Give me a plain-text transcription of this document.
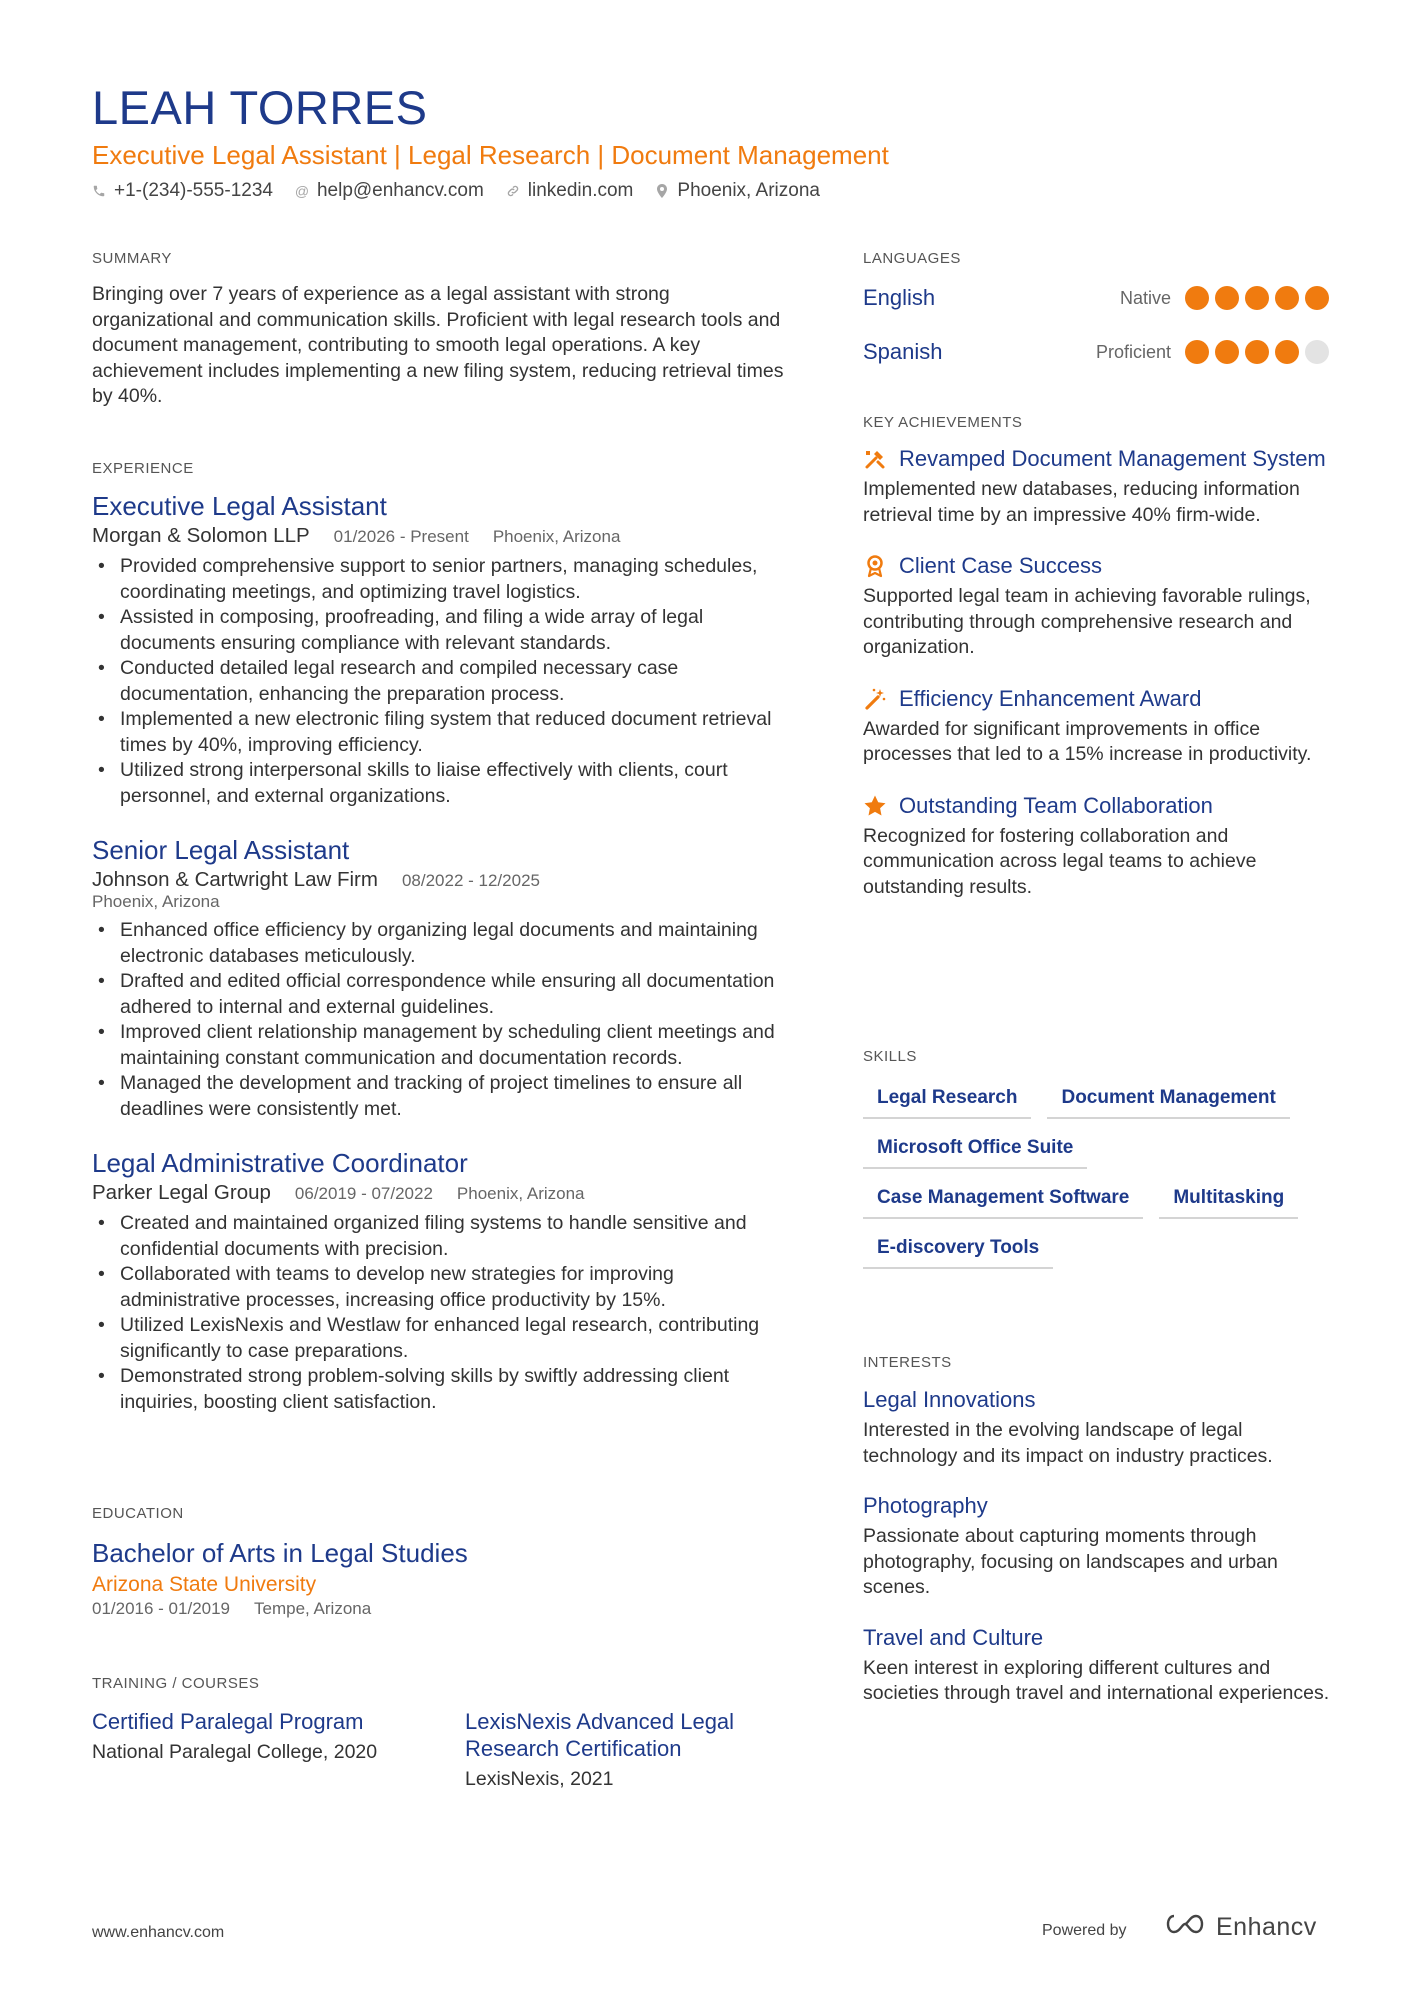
LEAH TORRES
Executive Legal Assistant | Legal Research | Document Management
+1-(234)-555-1234 @ help@enhancv.com linkedin.com Phoenix, Arizona
SUMMARY
Bringing over 7 years of experience as a legal assistant with strong organizational and communication skills. Proficient with legal research tools and document management, contributing to smooth legal operations. A key achievement includes implementing a new filing system, reducing retrieval times by 40%.
EXPERIENCE
Executive Legal Assistant
Morgan & Solomon LLP 01/2026 - Present Phoenix, Arizona
• Provided comprehensive support to senior partners, managing schedules, coordinating meetings, and optimizing travel logistics.
• Assisted in composing, proofreading, and filing a wide array of legal documents ensuring compliance with relevant standards.
• Conducted detailed legal research and compiled necessary case documentation, enhancing the preparation process.
• Implemented a new electronic filing system that reduced document retrieval times by 40%, improving efficiency.
• Utilized strong interpersonal skills to liaise effectively with clients, court personnel, and external organizations.
Senior Legal Assistant
Johnson & Cartwright Law Firm 08/2022 - 12/2025
Phoenix, Arizona
• Enhanced office efficiency by organizing legal documents and maintaining electronic databases meticulously.
• Drafted and edited official correspondence while ensuring all documentation adhered to internal and external guidelines.
• Improved client relationship management by scheduling client meetings and maintaining constant communication and documentation records.
• Managed the development and tracking of project timelines to ensure all deadlines were consistently met.
Legal Administrative Coordinator
Parker Legal Group 06/2019 - 07/2022 Phoenix, Arizona
• Created and maintained organized filing systems to handle sensitive and confidential documents with precision.
• Collaborated with teams to develop new strategies for improving administrative processes, increasing office productivity by 15%.
• Utilized LexisNexis and Westlaw for enhanced legal research, contributing significantly to case preparations.
• Demonstrated strong problem-solving skills by swiftly addressing client inquiries, boosting client satisfaction.
EDUCATION
Bachelor of Arts in Legal Studies
Arizona State University
01/2016 - 01/2019 Tempe, Arizona
TRAINING / COURSES
Certified Paralegal Program
National Paralegal College, 2020
LexisNexis Advanced Legal Research Certification
LexisNexis, 2021
LANGUAGES
English	Native
Spanish	Proficient
KEY ACHIEVEMENTS
Revamped Document Management System
Implemented new databases, reducing information retrieval time by an impressive 40% firm-wide.
Client Case Success
Supported legal team in achieving favorable rulings, contributing through comprehensive research and organization.
Efficiency Enhancement Award
Awarded for significant improvements in office processes that led to a 15% increase in productivity.
Outstanding Team Collaboration
Recognized for fostering collaboration and communication across legal teams to achieve outstanding results.
SKILLS
Legal Research	Document Management
Microsoft Office Suite
Case Management Software	Multitasking
E-discovery Tools
INTERESTS
Legal Innovations
Interested in the evolving landscape of legal technology and its impact on industry practices.
Photography
Passionate about capturing moments through photography, focusing on landscapes and urban scenes.
Travel and Culture
Keen interest in exploring different cultures and societies through travel and international experiences.
www.enhancv.com	Powered by	Enhancv
